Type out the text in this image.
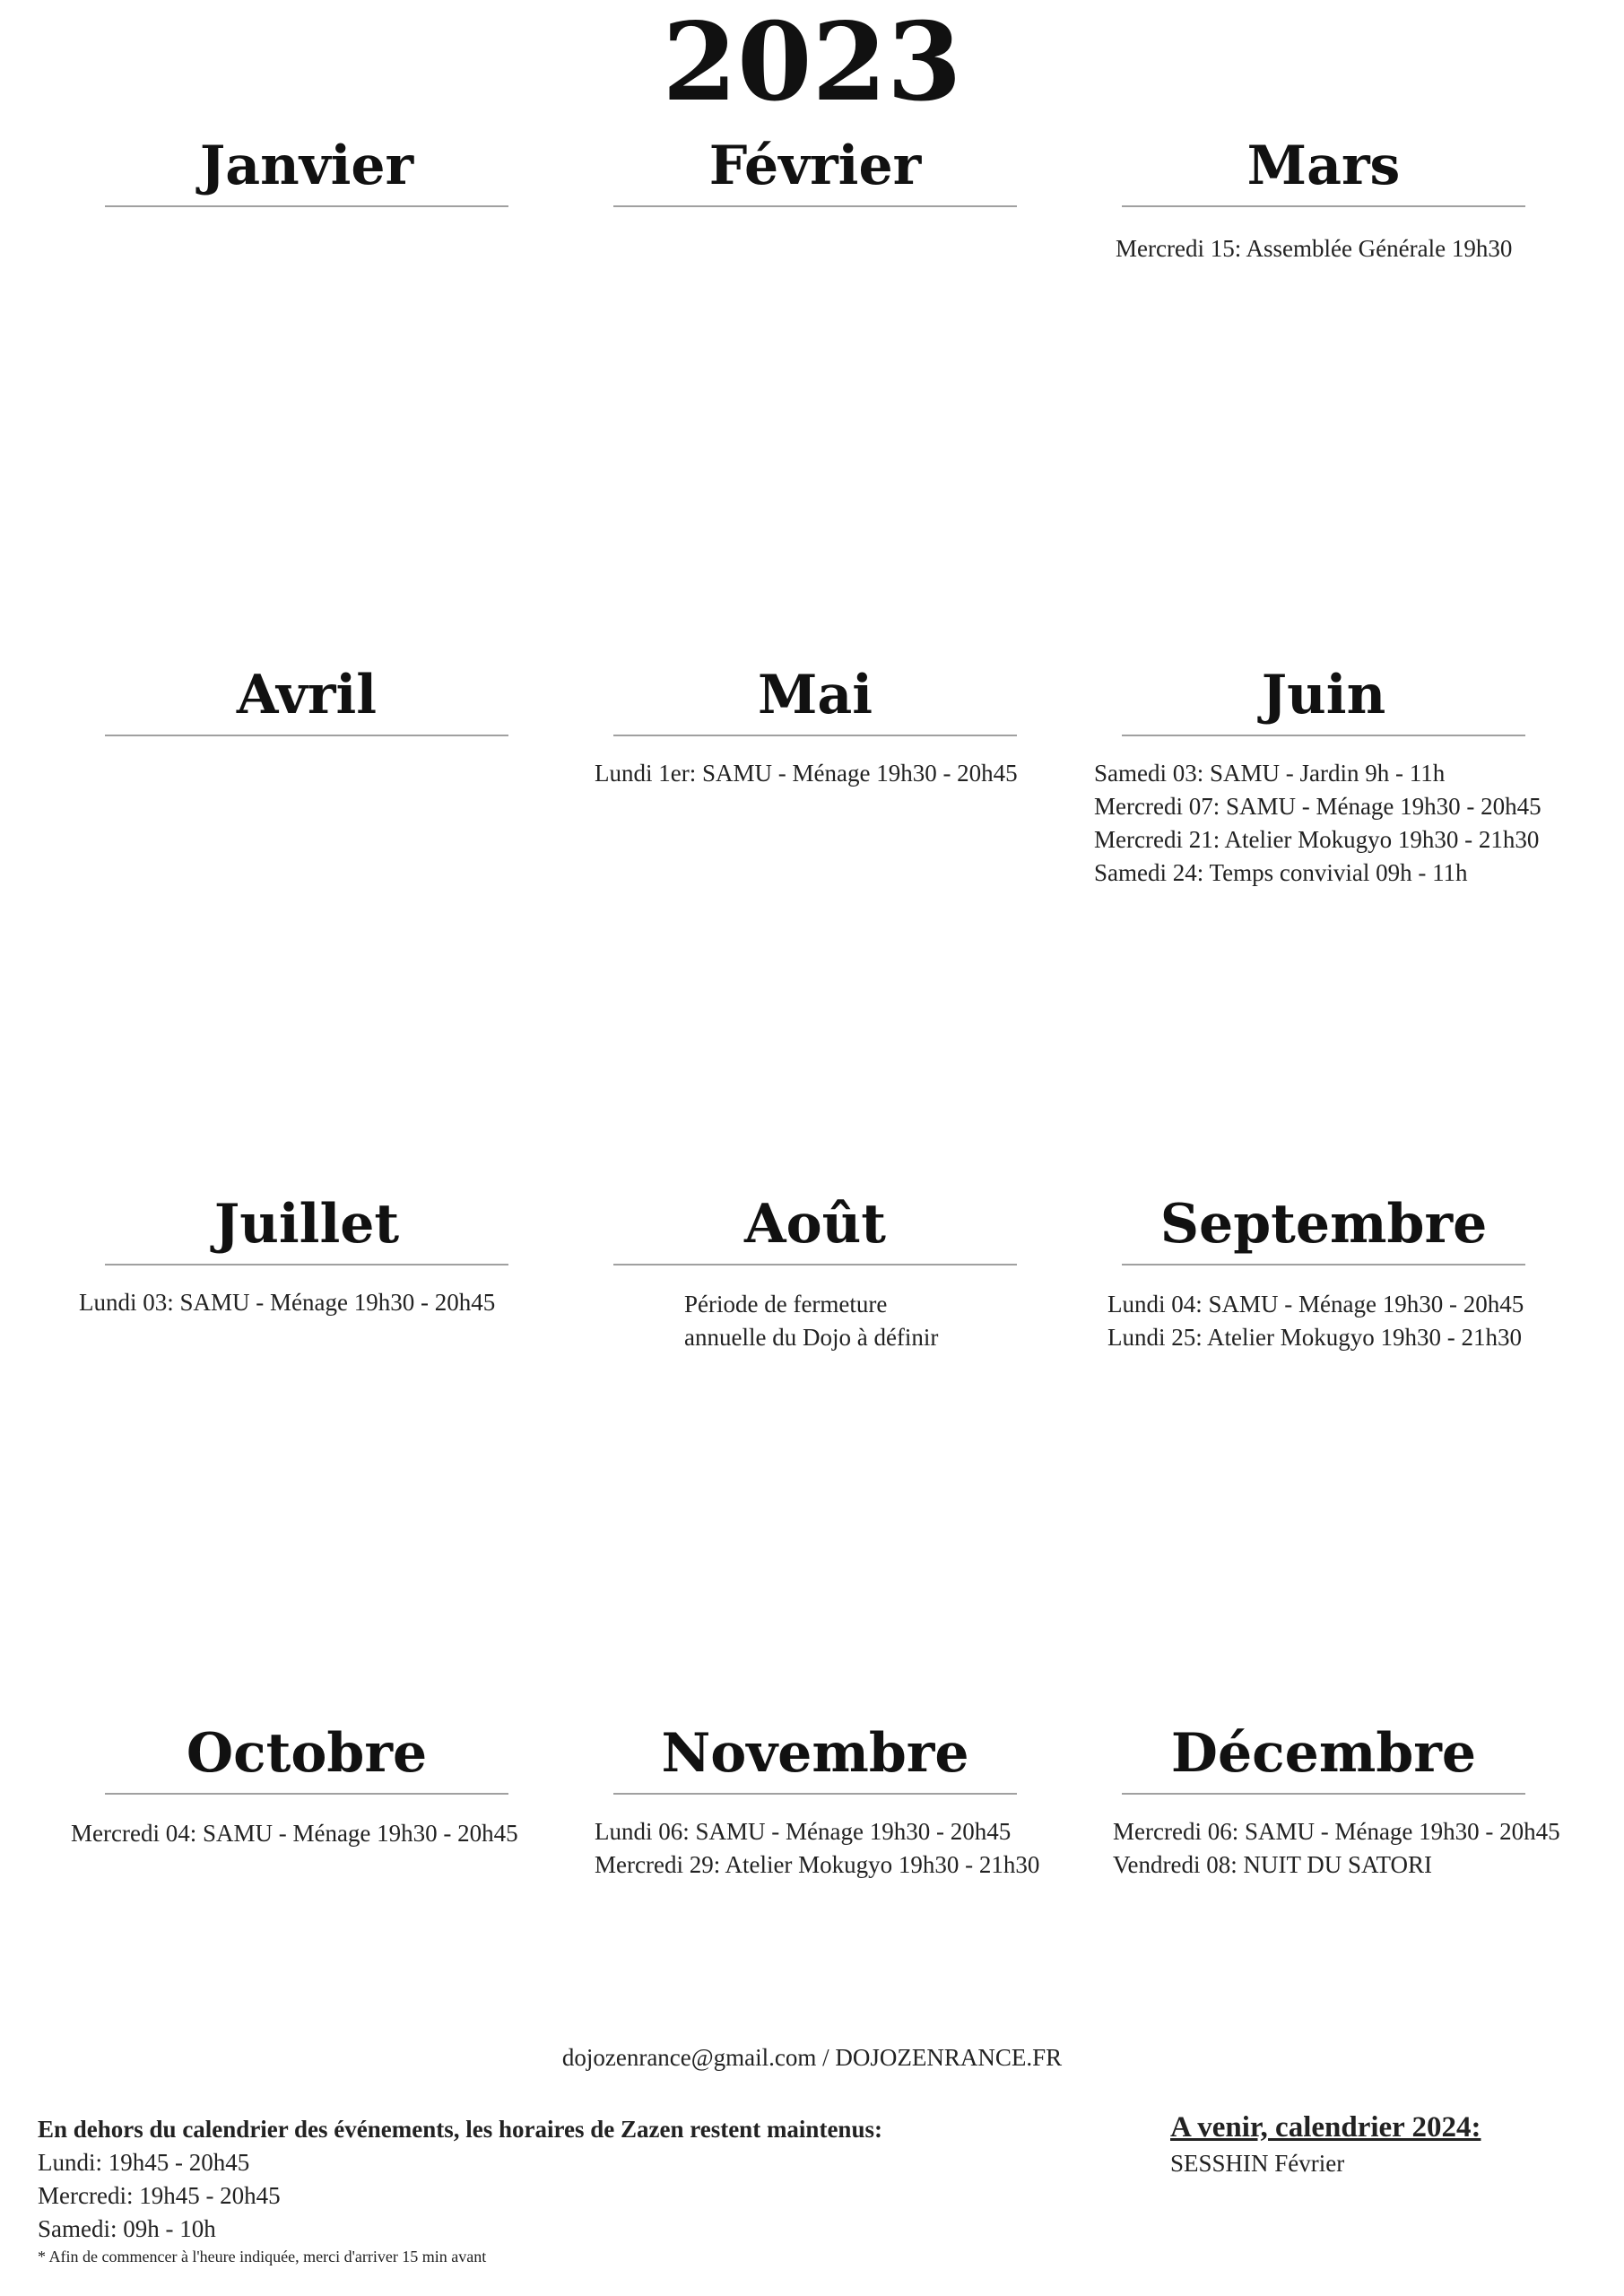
2023
Janvier	Février	Mars
Mercredi 15: Assemblée Générale 19h30
Avril	Mai
Lundi 1er: SAMU - Ménage 19h30 - 20h45
Juin
Samedi 03: SAMU - Jardin 9h - 11h
Mercredi 07: SAMU - Ménage 19h30 - 20h45
Mercredi 21: Atelier Mokugyo 19h30 - 21h30
Samedi 24: Temps convivial 09h - 11h
Juillet
Lundi 03: SAMU - Ménage 19h30 - 20h45
Août
Période de fermeture
annuelle du Dojo à définir
Septembre
Lundi 04: SAMU - Ménage 19h30 - 20h45
Lundi 25: Atelier Mokugyo 19h30 - 21h30
Octobre
Mercredi 04: SAMU - Ménage 19h30 - 20h45
Novembre
Lundi 06: SAMU - Ménage 19h30 - 20h45
Mercredi 29: Atelier Mokugyo 19h30 - 21h30
Décembre
Mercredi 06: SAMU - Ménage 19h30 - 20h45
Vendredi 08: NUIT DU SATORI
dojozenrance@gmail.com / DOJOZENRANCE.FR
En dehors du calendrier des événements, les horaires de Zazen restent maintenus:
Lundi: 19h45 - 20h45
Mercredi: 19h45 - 20h45
Samedi: 09h - 10h
* Afin de commencer à l'heure indiquée, merci d'arriver 15 min avant
A venir, calendrier 2024:
SESSHIN Février
